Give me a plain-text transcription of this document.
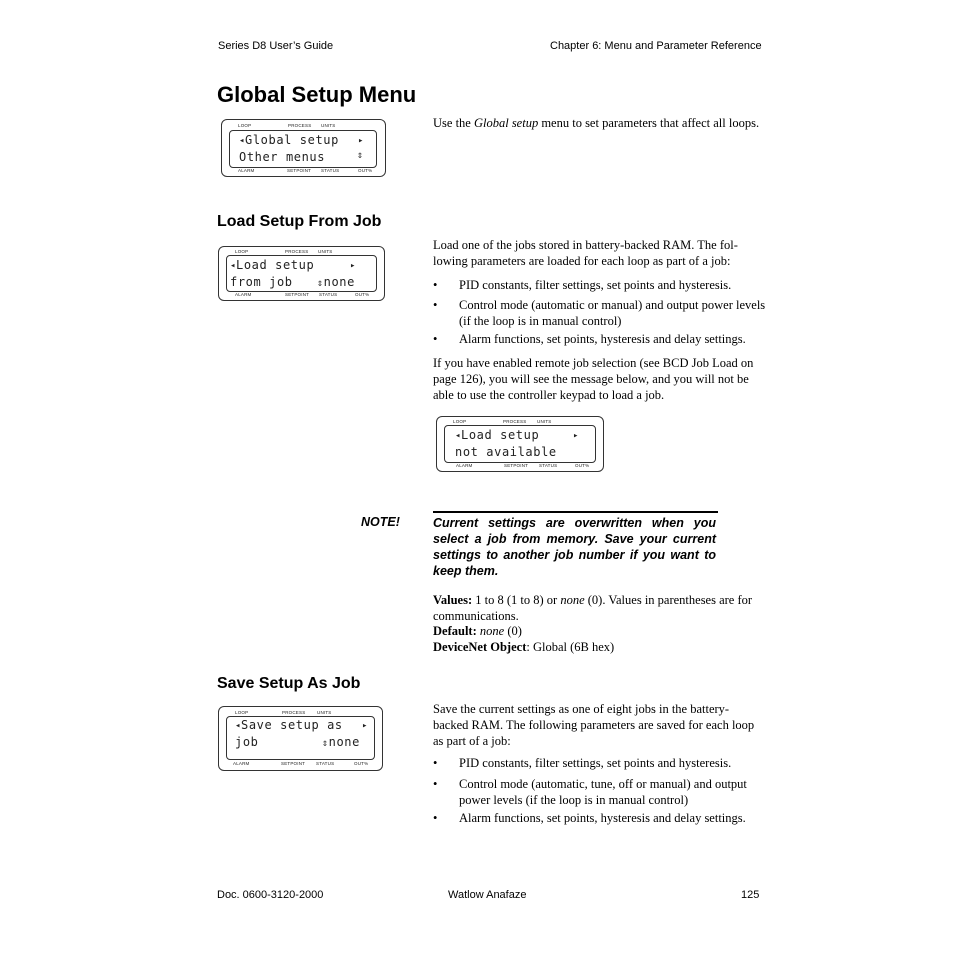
Series D8 User’s Guide	Chapter 6: Menu and Parameter Reference
Global Setup Menu
LOOP	PROCESS UNITS
◂Global setup ▸
Other menus	⇕
ALARM	SETPOINT STATUS	OUT%
Use the Global setup menu to set parameters that affect all loops.
Load Setup From Job
LOOP	PROCESS UNITS
◂Load setup	▸
from job ⇕none
ALARM	SETPOINT STATUS	OUT%
Load one of the jobs stored in battery-backed RAM. The fol-lowing parameters are loaded for each loop as part of a job:
• PID constants, filter settings, set points and hysteresis.
• Control mode (automatic or manual) and output power levels (if the loop is in manual control)
• Alarm functions, set points, hysteresis and delay settings.
If you have enabled remote job selection (see BCD Job Load on page 126), you will see the message below, and you will not be able to use the controller keypad to load a job.
LOOP	PROCESS UNITS
◂Load setup	▸
not available
ALARM	SETPOINT STATUS	OUT%
NOTE!	Current settings are overwritten when you select a job from memory. Save your current settings to another job number if you want to keep them.
Values: 1 to 8 (1 to 8) or none (0). Values in parentheses are for communications.
Default: none (0)
DeviceNet Object: Global (6B hex)
Save Setup As Job
LOOP	PROCESS	UNITS
◂Save setup as ▸
job	⇕none
ALARM	SETPOINT STATUS	OUT%
Save the current settings as one of eight jobs in the battery-backed RAM. The following parameters are saved for each loop as part of a job:
• PID constants, filter settings, set points and hysteresis.
• Control mode (automatic, tune, off or manual) and output power levels (if the loop is in manual control)
• Alarm functions, set points, hysteresis and delay settings.
Doc. 0600-3120-2000	Watlow Anafaze	125
